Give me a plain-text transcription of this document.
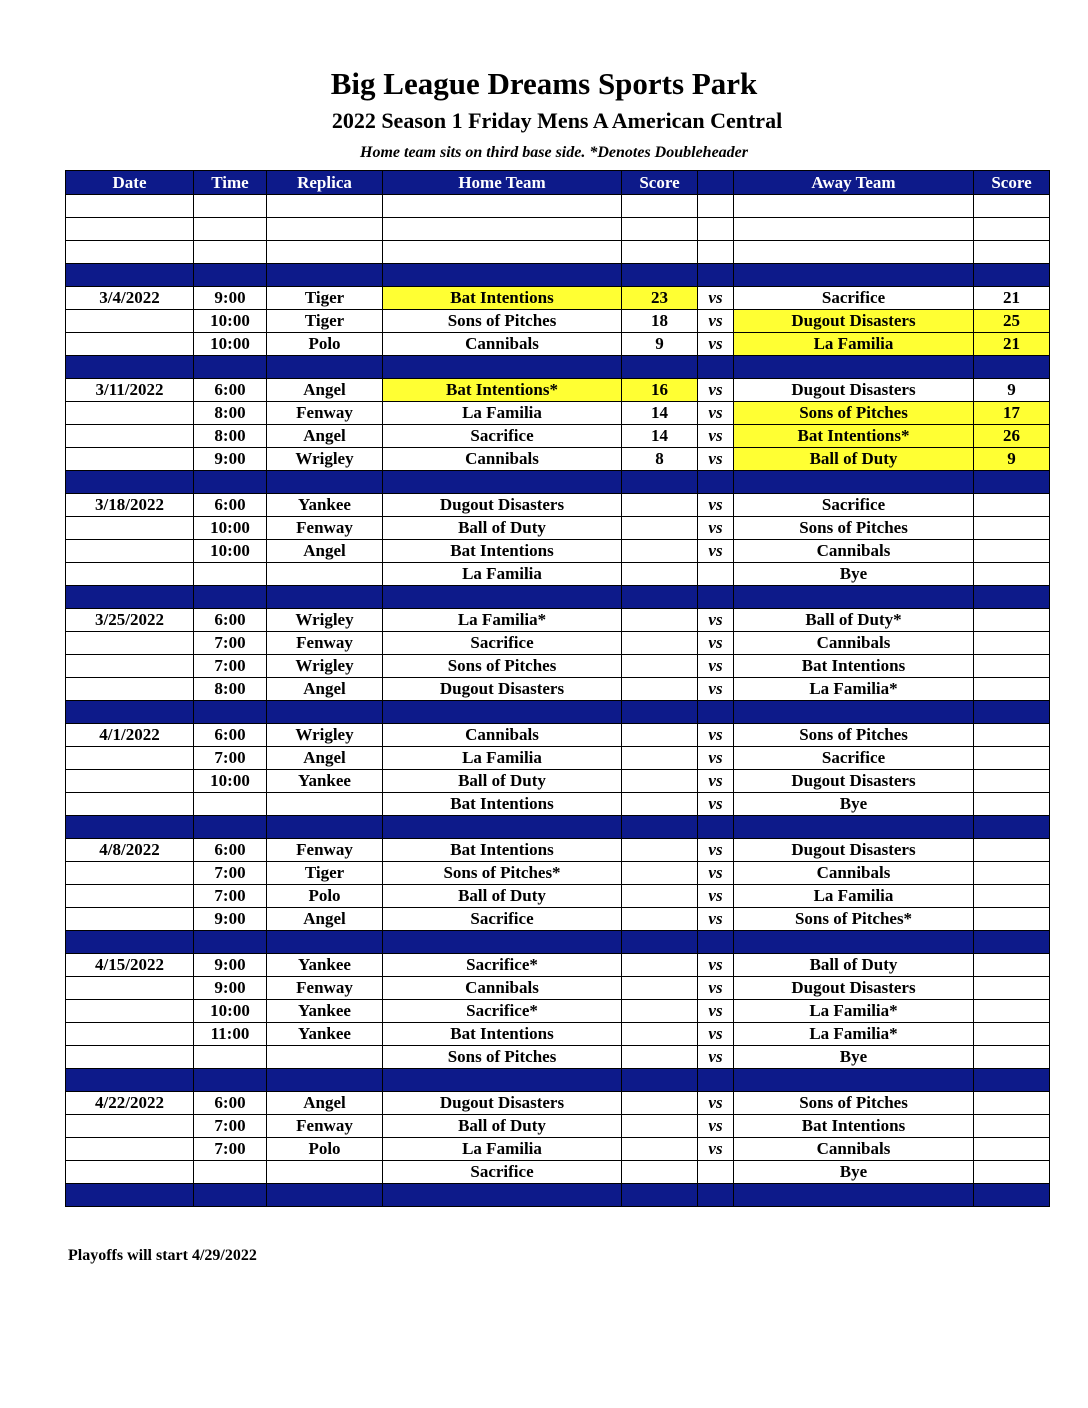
Big League Dreams Sports Park
2022 Season 1 Friday Mens A American Central
Home team sits on third base side. *Denotes Doubleheader
Date	Time	Replica	Home Team	Score		Away Team	Score

3/4/2022	9:00	Tiger	Bat Intentions	23	vs	Sacrifice	21
	10:00	Tiger	Sons of Pitches	18	vs	Dugout Disasters	25
	10:00	Polo	Cannibals	9	vs	La Familia	21

3/11/2022	6:00	Angel	Bat Intentions*	16	vs	Dugout Disasters	9
	8:00	Fenway	La Familia	14	vs	Sons of Pitches	17
	8:00	Angel	Sacrifice	14	vs	Bat Intentions*	26
	9:00	Wrigley	Cannibals	8	vs	Ball of Duty	9

3/18/2022	6:00	Yankee	Dugout Disasters		vs	Sacrifice	
	10:00	Fenway	Ball of Duty		vs	Sons of Pitches	
	10:00	Angel	Bat Intentions		vs	Cannibals	
			La Familia			Bye	

3/25/2022	6:00	Wrigley	La Familia*		vs	Ball of Duty*	
	7:00	Fenway	Sacrifice		vs	Cannibals	
	7:00	Wrigley	Sons of Pitches		vs	Bat Intentions	
	8:00	Angel	Dugout Disasters		vs	La Familia*	

4/1/2022	6:00	Wrigley	Cannibals		vs	Sons of Pitches	
	7:00	Angel	La Familia		vs	Sacrifice	
	10:00	Yankee	Ball of Duty		vs	Dugout Disasters	
			Bat Intentions		vs	Bye	

4/8/2022	6:00	Fenway	Bat Intentions		vs	Dugout Disasters	
	7:00	Tiger	Sons of Pitches*		vs	Cannibals	
	7:00	Polo	Ball of Duty		vs	La Familia	
	9:00	Angel	Sacrifice		vs	Sons of Pitches*	

4/15/2022	9:00	Yankee	Sacrifice*		vs	Ball of Duty	
	9:00	Fenway	Cannibals		vs	Dugout Disasters	
	10:00	Yankee	Sacrifice*		vs	La Familia*	
	11:00	Yankee	Bat Intentions		vs	La Familia*	
			Sons of Pitches		vs	Bye	

4/22/2022	6:00	Angel	Dugout Disasters		vs	Sons of Pitches	
	7:00	Fenway	Ball of Duty		vs	Bat Intentions	
	7:00	Polo	La Familia		vs	Cannibals	
			Sacrifice			Bye	

Playoffs will start 4/29/2022
